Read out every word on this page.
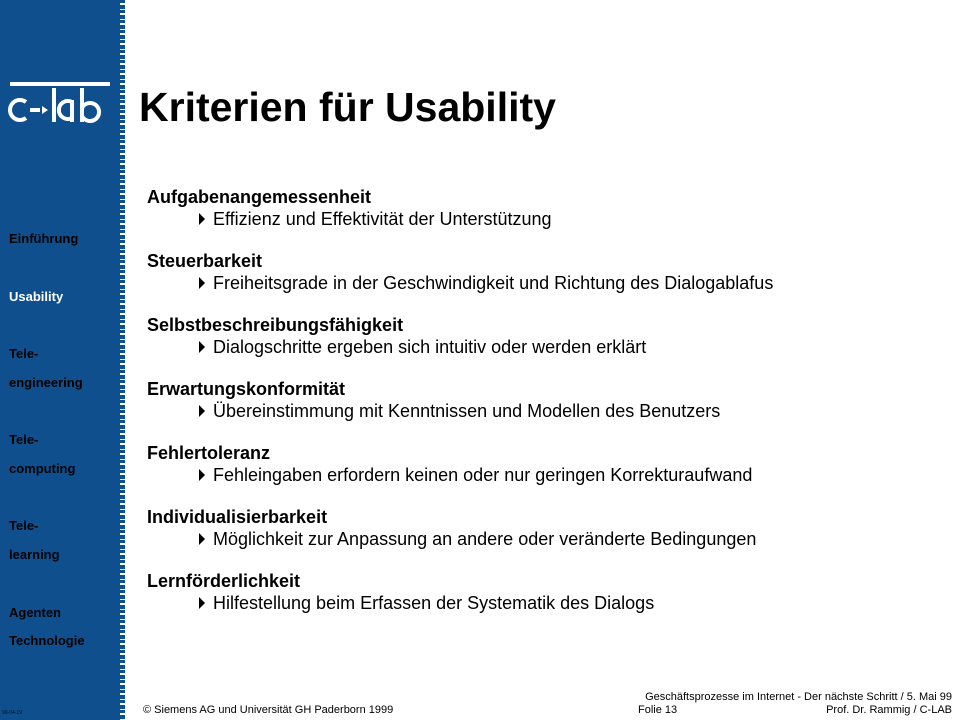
Einführung
Usability
Tele-
engineering
Tele-
computing
Tele-
learning
Agenten
Technologie
99-04-19
Kriterien für Usability
Aufgabenangemessenheit
Effizienz und Effektivität der Unterstützung
Steuerbarkeit
Freiheitsgrade in der Geschwindigkeit und Richtung des Dialogablafus
Selbstbeschreibungsfähigkeit
Dialogschritte ergeben sich intuitiv oder werden erklärt
Erwartungskonformität
Übereinstimmung mit Kenntnissen und Modellen des Benutzers
Fehlertoleranz
Fehleingaben erfordern keinen oder nur geringen Korrekturaufwand
Individualisierbarkeit
Möglichkeit zur Anpassung an andere oder veränderte Bedingungen
Lernförderlichkeit
Hilfestellung beim Erfassen der Systematik des Dialogs
© Siemens AG und Universität GH Paderborn 1999	Folie 13
Geschäftsprozesse im Internet - Der nächste Schritt / 5. Mai 99
Prof. Dr. Rammig / C-LAB
